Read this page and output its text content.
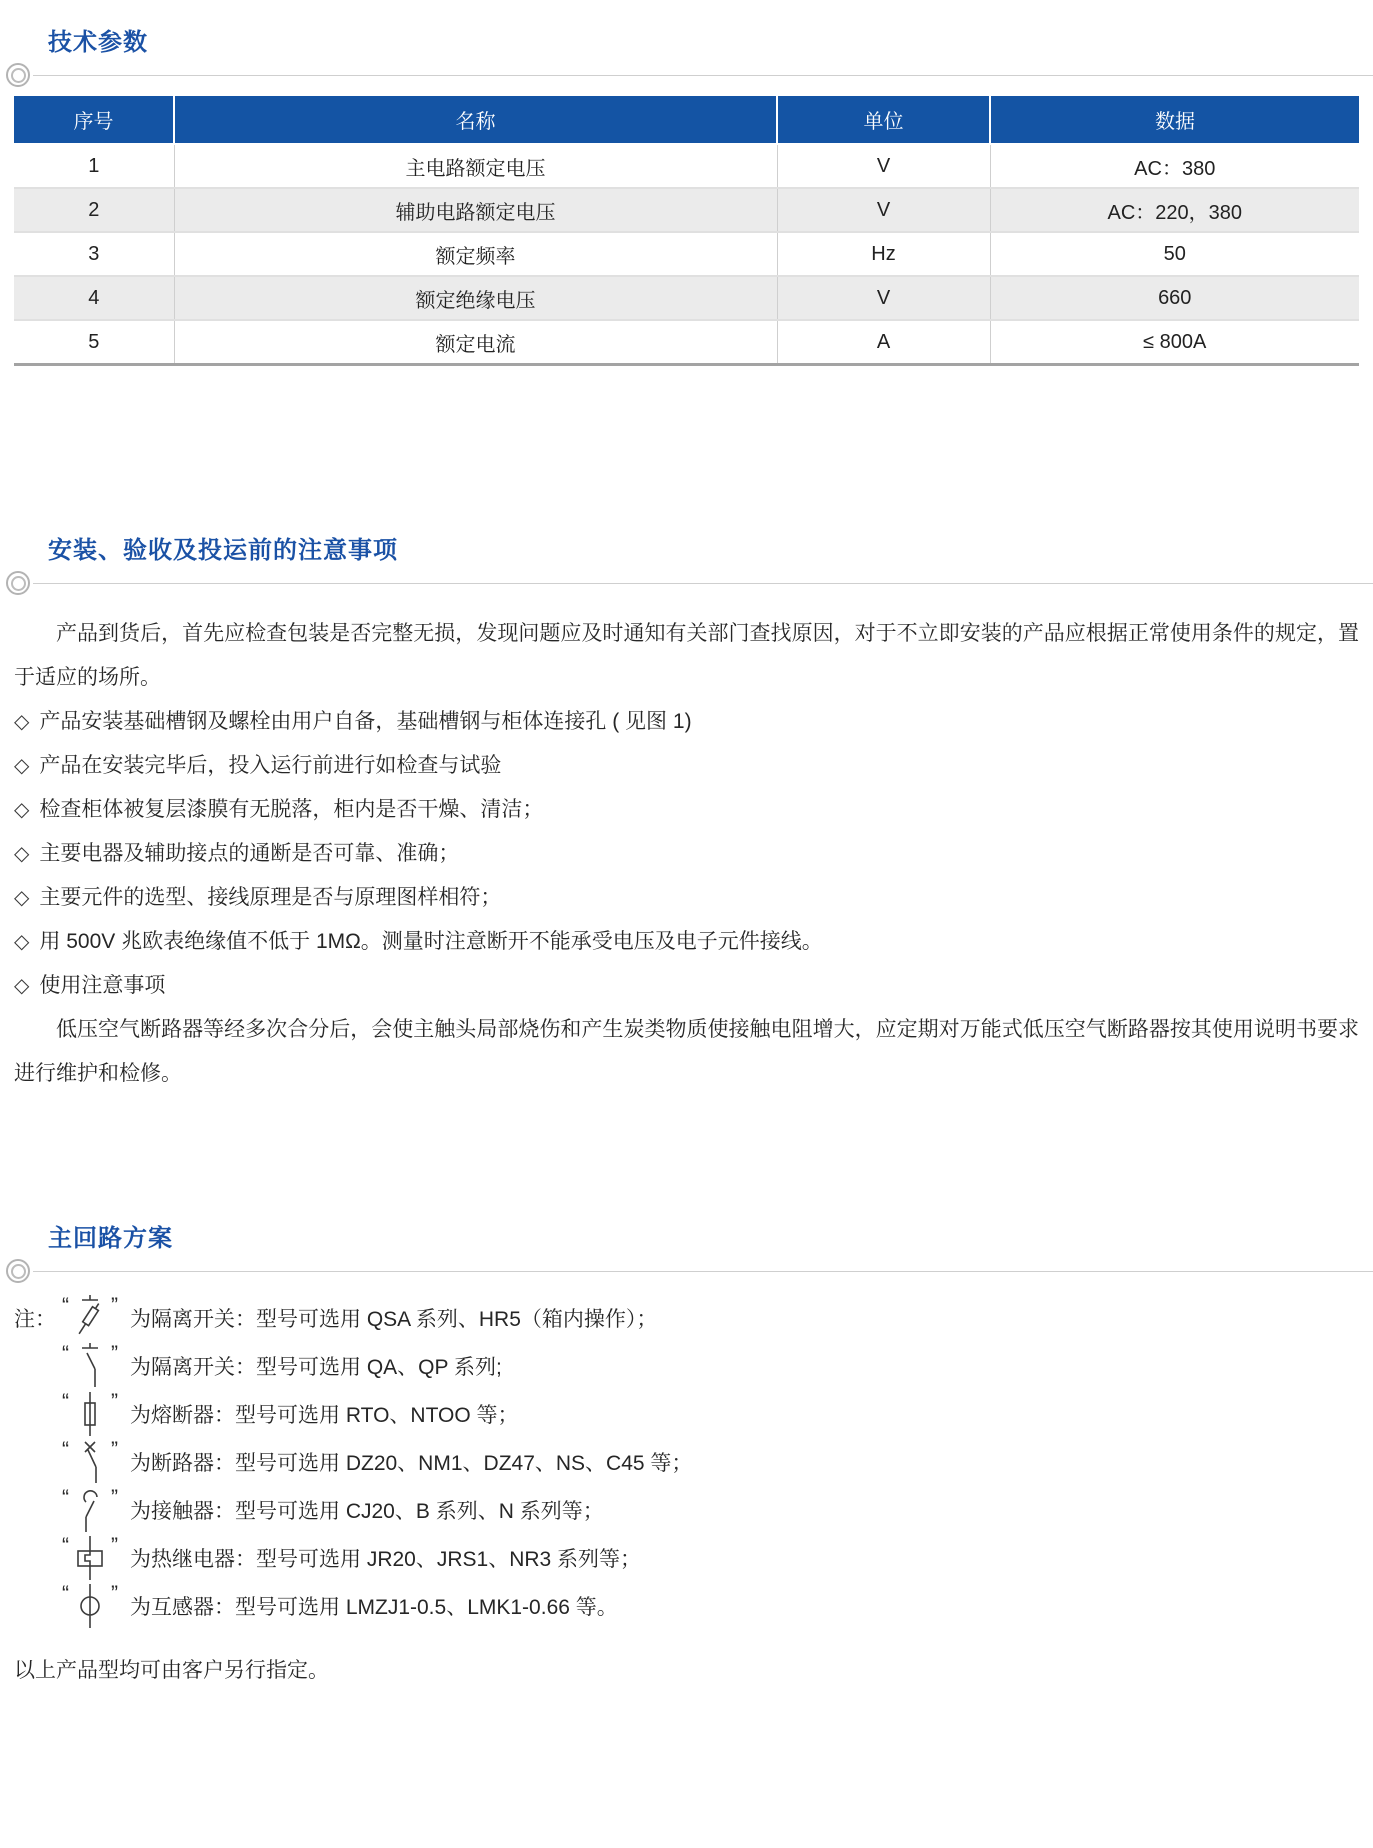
技术参数
序号	名称	单位	数据
1	主电路额定电压	V	AC：380
2	辅助电路额定电压	V	AC：220，380
3	额定频率	Hz	50
4	额定绝缘电压	V	660
5	额定电流	A	≤ 800A
安装、验收及投运前的注意事项

产品到货后，首先应检查包装是否完整无损，发现问题应及时通知有关部门查找原因，对于不立即安装的产品应根据正常使用条件的规定，置于适应的场所。

◇ 产品安装基础槽钢及螺栓由用户自备，基础槽钢与柜体连接孔 ( 见图 1)
◇ 产品在安装完毕后，投入运行前进行如检查与试验
◇ 检查柜体被复层漆膜有无脱落，柜内是否干燥、清洁；
◇ 主要电器及辅助接点的通断是否可靠、准确；
◇ 主要元件的选型、接线原理是否与原理图样相符；
◇ 用 500V 兆欧表绝缘值不低于 1MΩ。测量时注意断开不能承受电压及电子元件接线。
◇ 使用注意事项

低压空气断路器等经多次合分后，会使主触头局部烧伤和产生炭类物质使接触电阻增大，应定期对万能式低压空气断路器按其使用说明书要求进行维护和检修。

主回路方案
注：
“ ”
为隔离开关：型号可选用 QSA 系列、HR5（箱内操作）；
“ ”
为隔离开关：型号可选用 QA、QP 系列;
“ ”
为熔断器：型号可选用 RTO、NTOO 等；
“ ”
为断路器：型号可选用 DZ20、NM1、DZ47、NS、C45 等；
“ ”
为接触器：型号可选用 CJ20、B 系列、N 系列等；
“ ”
为热继电器：型号可选用 JR20、JRS1、NR3 系列等；
“ ”
为互感器：型号可选用 LMZJ1-0.5、LMK1-0.66 等。

以上产品型均可由客户另行指定。
